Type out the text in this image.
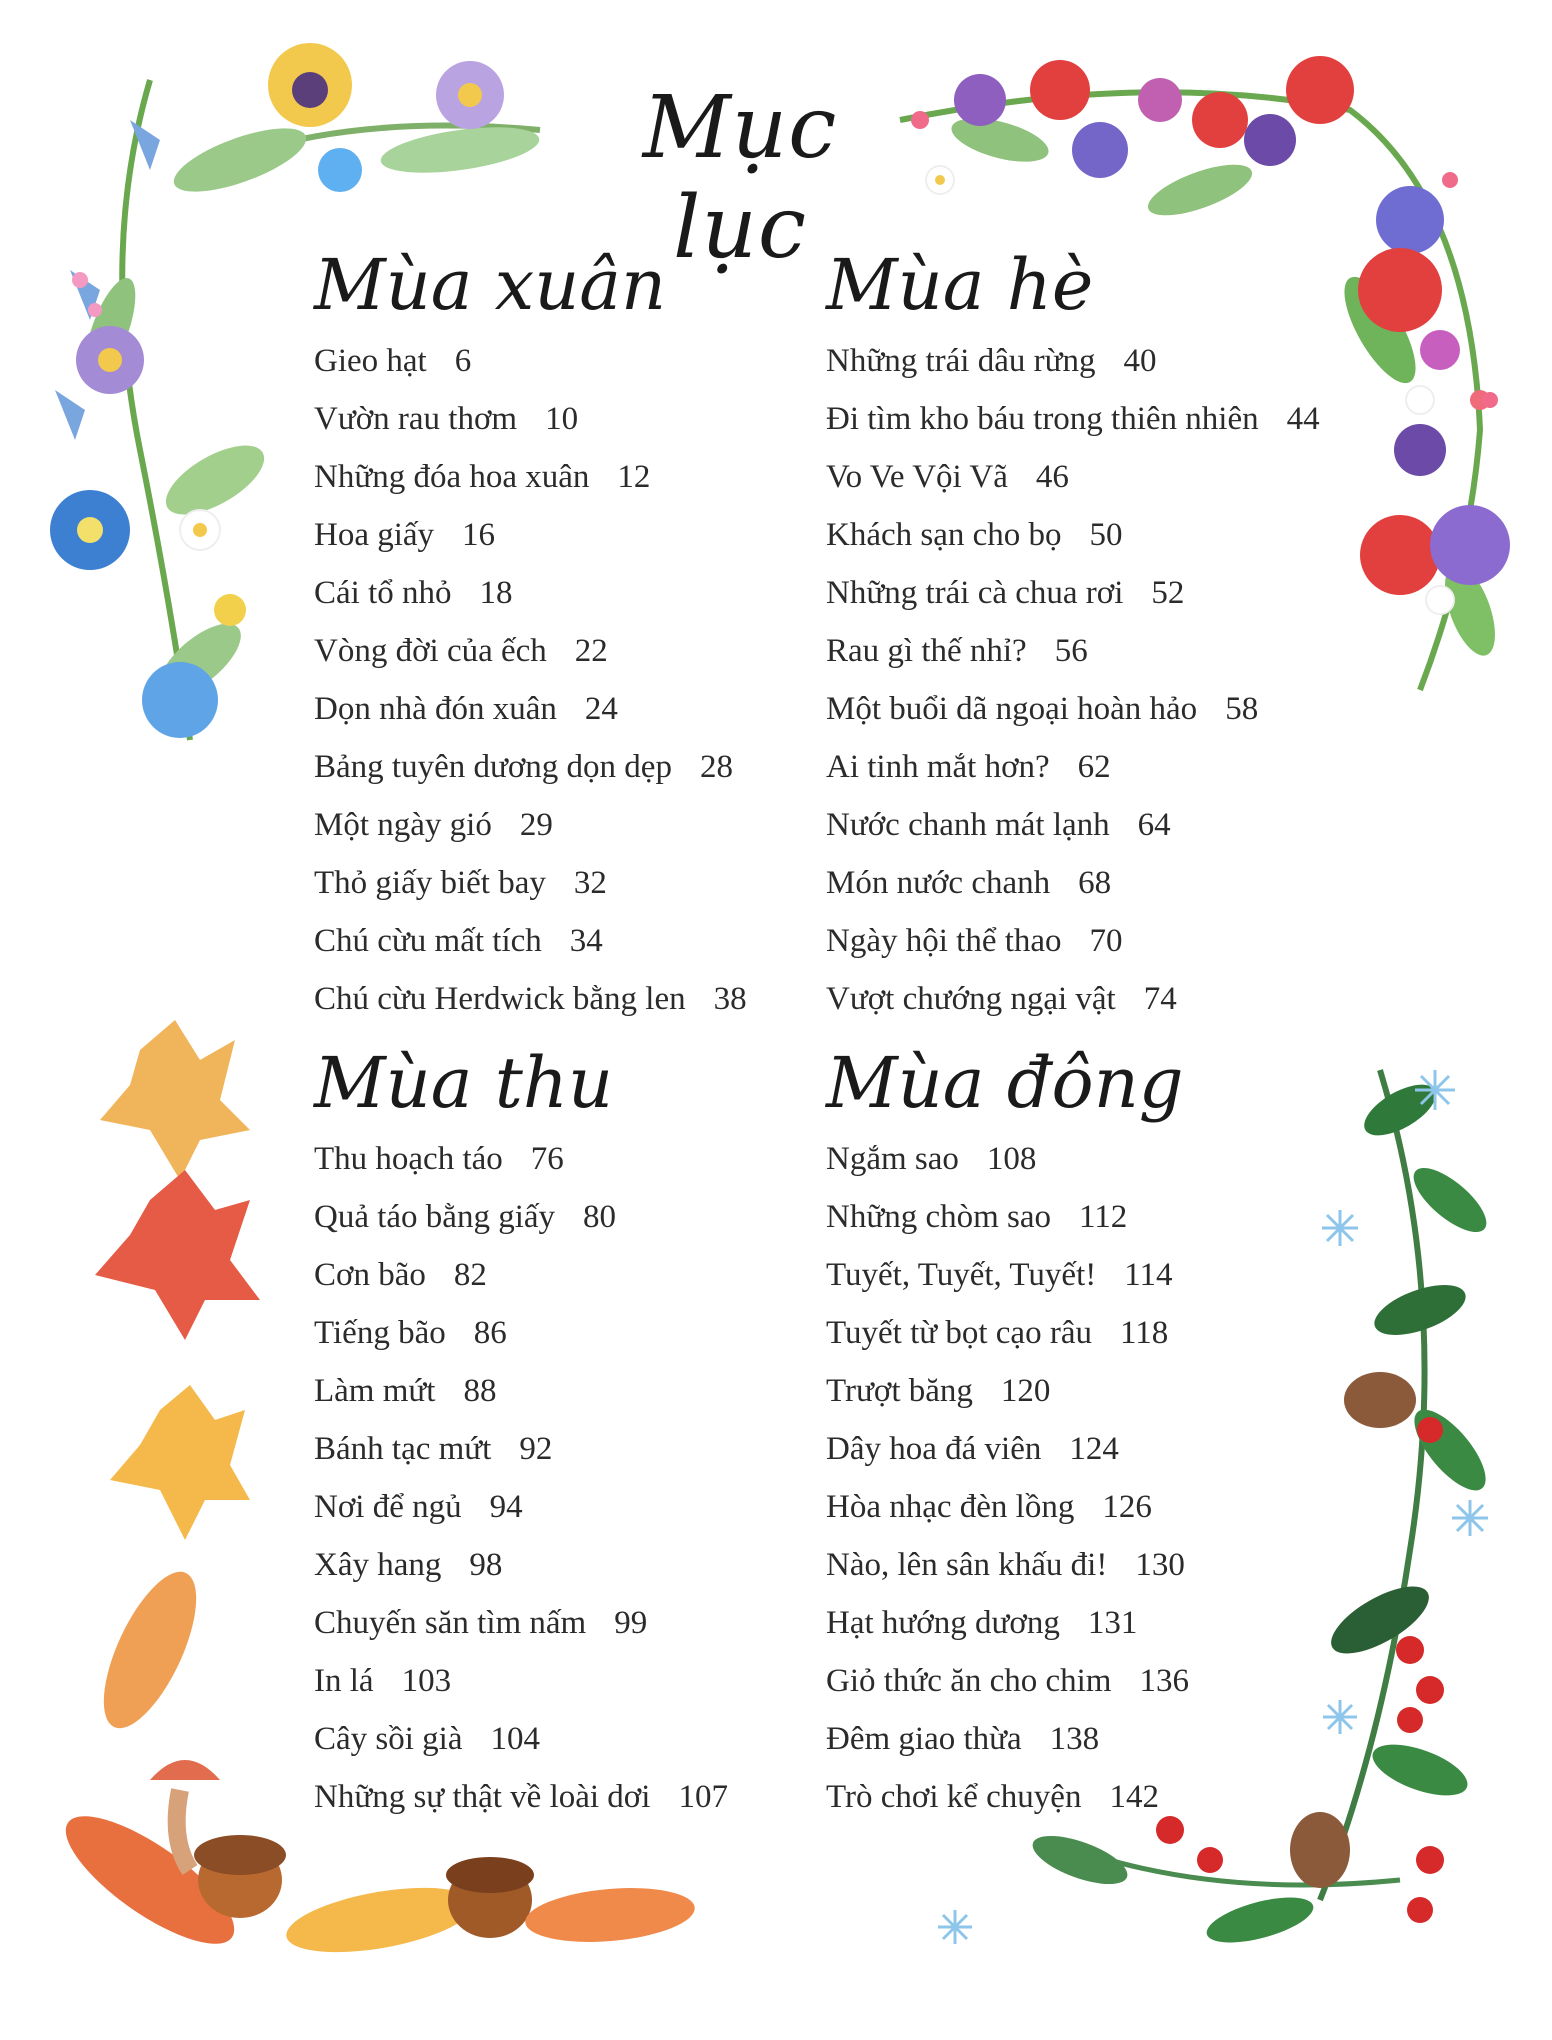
Mục lục
Mùa xuân
Gieo hạt 6
Vườn rau thơm 10
Những đóa hoa xuân 12
Hoa giấy 16
Cái tổ nhỏ 18
Vòng đời của ếch 22
Dọn nhà đón xuân 24
Bảng tuyên dương dọn dẹp 28
Một ngày gió 29
Thỏ giấy biết bay 32
Chú cừu mất tích 34
Chú cừu Herdwick bằng len 38
Mùa hè
Những trái dâu rừng 40
Đi tìm kho báu trong thiên nhiên 44
Vo Ve Vội Vã 46
Khách sạn cho bọ 50
Những trái cà chua rơi 52
Rau gì thế nhỉ? 56
Một buổi dã ngoại hoàn hảo 58
Ai tinh mắt hơn? 62
Nước chanh mát lạnh 64
Món nước chanh 68
Ngày hội thể thao 70
Vượt chướng ngại vật 74
Mùa thu
Thu hoạch táo 76
Quả táo bằng giấy 80
Cơn bão 82
Tiếng bão 86
Làm mứt 88
Bánh tạc mứt 92
Nơi để ngủ 94
Xây hang 98
Chuyến săn tìm nấm 99
In lá 103
Cây sồi già 104
Những sự thật về loài dơi 107
Mùa đông
Ngắm sao 108
Những chòm sao 112
Tuyết, Tuyết, Tuyết! 114
Tuyết từ bọt cạo râu 118
Trượt băng 120
Dây hoa đá viên 124
Hòa nhạc đèn lồng 126
Nào, lên sân khấu đi! 130
Hạt hướng dương 131
Giỏ thức ăn cho chim 136
Đêm giao thừa 138
Trò chơi kể chuyện 142
